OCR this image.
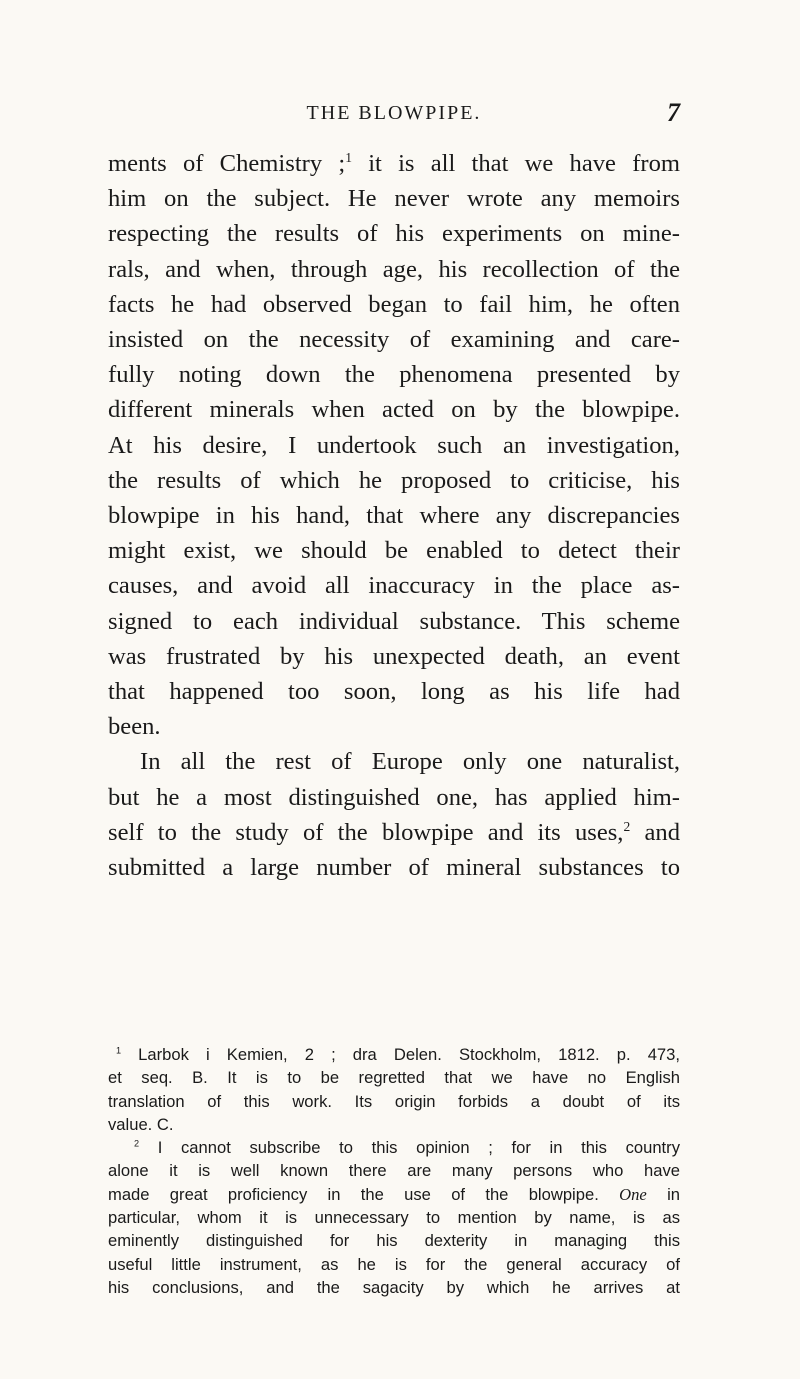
THE BLOWPIPE.	7
ments of Chemistry ;$^1$ it is all that we have from
him on the subject. He never wrote any memoirs
respecting the results of his experiments on mine-
rals, and when, through age, his recollection of the
facts he had observed began to fail him, he often
insisted on the necessity of examining and care-
fully noting down the phenomena presented by
different minerals when acted on by the blowpipe.
At his desire, I undertook such an investigation,
the results of which he proposed to criticise, his
blowpipe in his hand, that where any discrepancies
might exist, we should be enabled to detect their
causes, and avoid all inaccuracy in the place as-
signed to each individual substance. This scheme
was frustrated by his unexpected death, an event
that happened too soon, long as his life had
been.
In all the rest of Europe only one naturalist,
but he a most distinguished one, has applied him-
self to the study of the blowpipe and its uses,$^2$ and
submitted a large number of mineral substances to
$^1$ Larbok i Kemien, 2 ; dra Delen. Stockholm, 1812. p. 473,
et seq. B. It is to be regretted that we have no English
translation of this work. Its origin forbids a doubt of its
value. C.
$^2$ I cannot subscribe to this opinion ; for in this country
alone it is well known there are many persons who have
made great proficiency in the use of the blowpipe. One in
particular, whom it is unnecessary to mention by name, is as
eminently distinguished for his dexterity in managing this
useful little instrument, as he is for the general accuracy of
his conclusions, and the sagacity by which he arrives at
